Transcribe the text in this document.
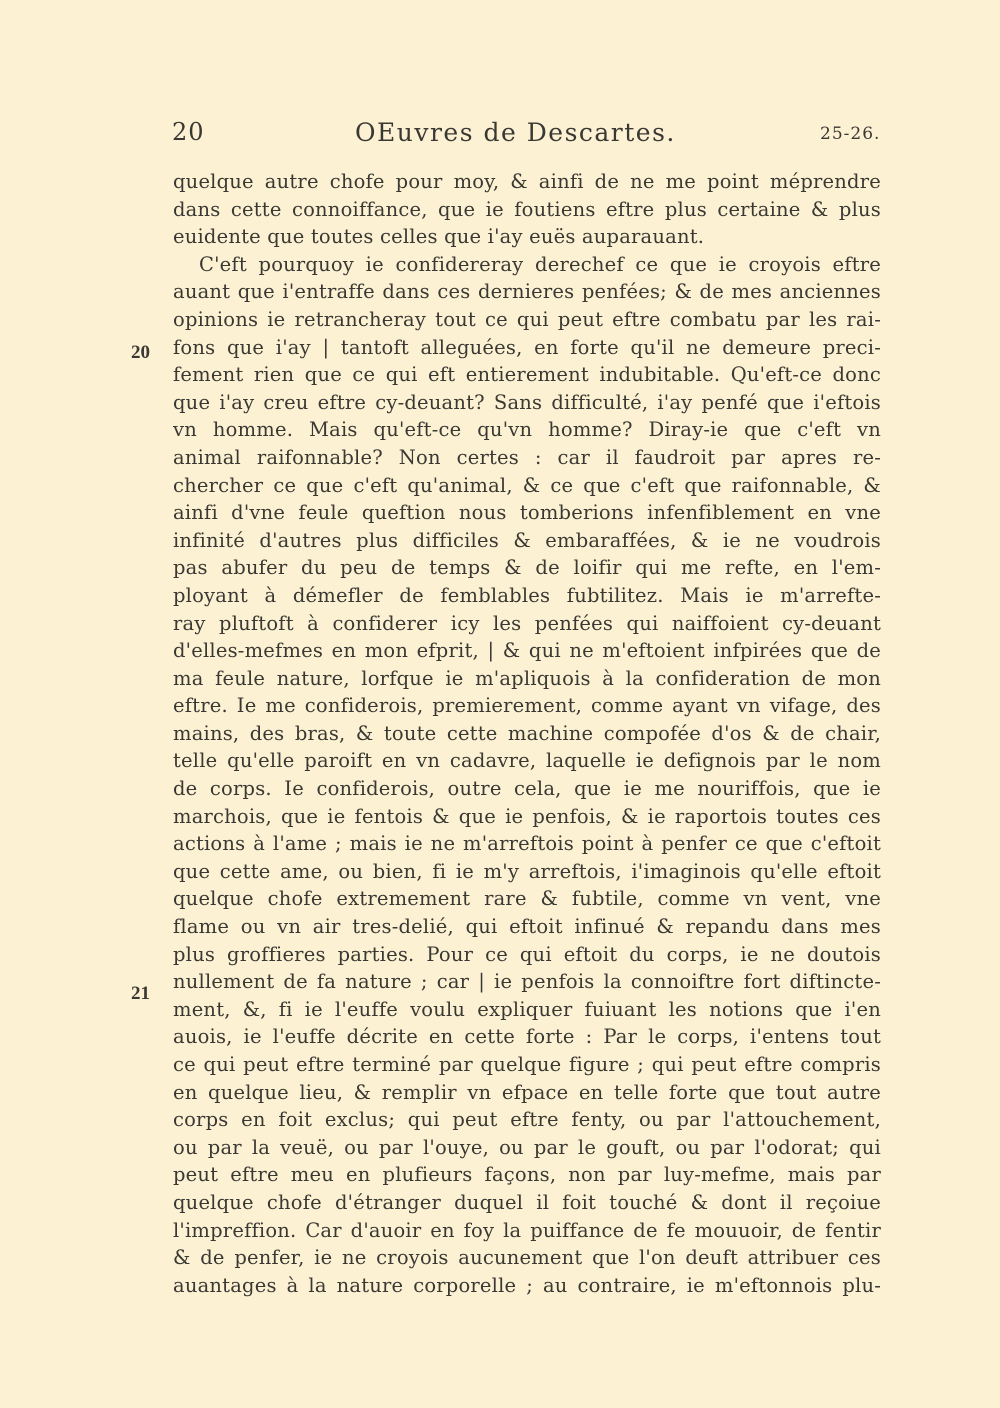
20	OEuvres de Descartes.	25-26.
20
21
quelque autre chofe pour moy, & ainfi de ne me point méprendre
dans cette connoiffance, que ie foutiens eftre plus certaine & plus
euidente que toutes celles que i'ay euës auparauant.
C'eft pourquoy ie confidereray derechef ce que ie croyois eftre
auant que i'entraffe dans ces dernieres penfées; & de mes anciennes
opinions ie retrancheray tout ce qui peut eftre combatu par les rai-
fons que i'ay | tantoft alleguées, en forte qu'il ne demeure preci-
fement rien que ce qui eft entierement indubitable. Qu'eft-ce donc
que i'ay creu eftre cy-deuant? Sans difficulté, i'ay penfé que i'eftois
vn homme. Mais qu'eft-ce qu'vn homme? Diray-ie que c'eft vn
animal raifonnable? Non certes : car il faudroit par apres re-
chercher ce que c'eft qu'animal, & ce que c'eft que raifonnable, &
ainfi d'vne feule queftion nous tomberions infenfiblement en vne
infinité d'autres plus difficiles & embaraffées, & ie ne voudrois
pas abufer du peu de temps & de loifir qui me refte, en l'em-
ployant à démefler de femblables fubtilitez. Mais ie m'arrefte-
ray pluftoft à confiderer icy les penfées qui naiffoient cy-deuant
d'elles-mefmes en mon efprit, | & qui ne m'eftoient infpirées que de
ma feule nature, lorfque ie m'apliquois à la confideration de mon
eftre. Ie me confiderois, premierement, comme ayant vn vifage, des
mains, des bras, & toute cette machine compofée d'os & de chair,
telle qu'elle paroift en vn cadavre, laquelle ie defignois par le nom
de corps. Ie confiderois, outre cela, que ie me nouriffois, que ie
marchois, que ie fentois & que ie penfois, & ie raportois toutes ces
actions à l'ame ; mais ie ne m'arreftois point à penfer ce que c'eftoit
que cette ame, ou bien, fi ie m'y arreftois, i'imaginois qu'elle eftoit
quelque chofe extremement rare & fubtile, comme vn vent, vne
flame ou vn air tres-delié, qui eftoit infinué & repandu dans mes
plus groffieres parties. Pour ce qui eftoit du corps, ie ne doutois
nullement de fa nature ; car | ie penfois la connoiftre fort diftincte-
ment, &, fi ie l'euffe voulu expliquer fuiuant les notions que i'en
auois, ie l'euffe décrite en cette forte : Par le corps, i'entens tout
ce qui peut eftre terminé par quelque figure ; qui peut eftre compris
en quelque lieu, & remplir vn efpace en telle forte que tout autre
corps en foit exclus; qui peut eftre fenty, ou par l'attouchement,
ou par la veuë, ou par l'ouye, ou par le gouft, ou par l'odorat; qui
peut eftre meu en plufieurs façons, non par luy-mefme, mais par
quelque chofe d'étranger duquel il foit touché & dont il reçoiue
l'impreffion. Car d'auoir en foy la puiffance de fe mouuoir, de fentir
& de penfer, ie ne croyois aucunement que l'on deuft attribuer ces
auantages à la nature corporelle ; au contraire, ie m'eftonnois plu-
